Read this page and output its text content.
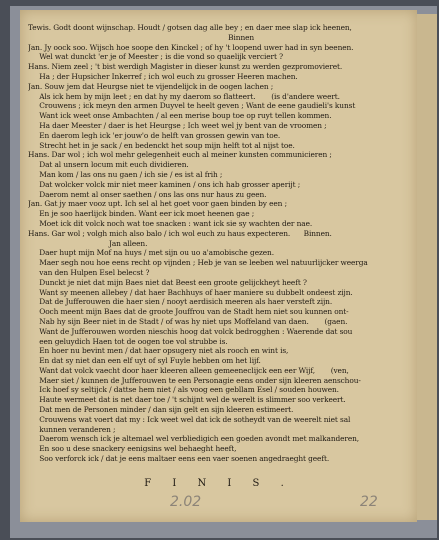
Tewis. Godt doont wijnschap. Houdt / gotsen dag alle bey ; en daer mee slap ick heenen,
Binnen
Jan. Jy oock soo. Wijsch hoe soope den Kinckel ; of hy 't loopend uwer had in syn beenen.
Wel wat dunckt 'er je of Meester ; is die vond so quaelijk verciert ?
Hans. Niem zeel ; 't bist werdigh Magister in dieser kunst zu werden gezpromovieret.
Ha ; der Hupsicher Inkerref ; ich wol euch zu grosser Heeren machen.
Jan. Souw jem dat Heurgse niet te vijendelijck in de oogen lachen ;
Als ick hem by mijn leet ; en dat hy my daerom so flatteert.       (is d'andere weert.
Crouwens ; ick meyn den armen Duyvel te heelt geven ; Want de eene gaudieli's kunst
Want ick weet onse Ambachten / al een merise boup toe op ruyt tellen kommen.
Ha daer Meester / daer is het Heurgse ; Ich weet wel jy bent van de vroomen ;
En daerom legh ick 'er jouw'o de helft van grossen gewin van toe.
Strecht het in je sack / en bedenckt het soup mijn helft tot al nijst toe.
Hans. Dar wol ; ich wol mehr gelegenheit euch al meiner kunsten communicieren ;
Dat al unsern locum mit euch dividieren.
Man kom / las ons nu gaen / ich sie / es ist al frih ;
Dat wolcker volck mir niet meer kaminen / ons ich hab grosser aperijt ;
Daerom nemt al onser saethen / ons las ons nur haus zu geen.
Jan. Gat jy maer vooz upt. Ich sel al het goet voor gaen binden by een ;
En je soo haerlijck binden. Want eer ick moet heenen gae ;
Moet ick dit volck noch wat toe snacken : want ick sie sy wachten der nae.
Hans. Gar wol ; volgh mich also balo / ich wol euch zu haus expecteren.      Binnen.
Jan alleen.
Daer hupt mijn Mof na huys / met sijn ou uo a'amobische gezen.
Maer segh nou hoe eens recht op vijnden ; Heb je van se leeben wel natuurlijcker weerga
van den Hulpen Esel belecst ?
Dunckt je niet dat mijn Baes niet dat Beest een groote gelijckheyt heeft ?
Want sy meenen allebey / dat haer Bachhuys of haer maniere su dubbelt ondeest zijn.
Dat de Jufferouwen die haer sien / nooyt aerdisich meeren als haer versteft zijn.
Ooch meent mijn Baes dat de groote Jouffrou van de Stadt hem niet sou kunnen ont-
Nab hy sijn Beer niet in de Stadt / of was hy niet ups Moffeland van daen.       (gaen.
Want de Jufferouwen worden nieschis hoog dat volck bedrogghen : Waerende dat sou
een geluydich Haen tot de oogen toe vol strubbe is.
En hoer nu bevint men / dat haer opsugery niet als rooch en wint is,
En dat sy niet dan een elf uyt of syl Fuyle hebben om het lijf.
Want dat volck vaecht door haer kleeren alleen gemeeneclijck een eer Wijf,       (ven,
Maer siet / kunnen de Jufferouwen te een Personagie eens onder sijn kleeren aenschou-
Ick hoef sy seltijck / dattse hem niet / als voog een gebllam Esel / souden houwen.
Haute wermeet dat is net daer toe / 't schijnt wel de werelt is slimmer soo verkeert.
Dat men de Personen minder / dan sijn gelt en sijn kleeren estimeert.
Crouwens wat voert dat my : Ick weet wel dat ick de sotheydt van de weerelt niet sal
kunnen veranderen ;
Daerom wensch ick je altemael wel verbliedigich een goeden avondt met malkanderen,
En soo u dese snackery eenigsins wel behaeght heeft,
Soo verforck ick / dat je eens maltaer eens een vaer soenen angedraeght geeft.
F I N I S .
2.02	22
